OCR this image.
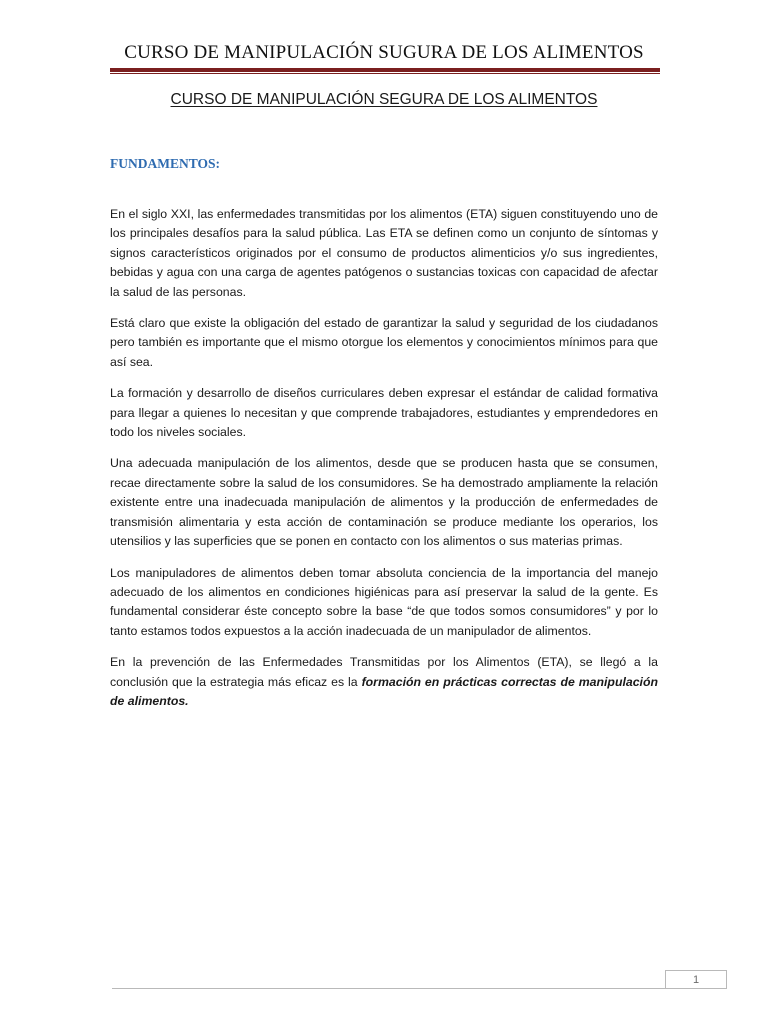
CURSO DE MANIPULACIÓN SUGURA DE LOS ALIMENTOS
CURSO DE MANIPULACIÓN SEGURA DE LOS ALIMENTOS
FUNDAMENTOS:

En el siglo XXI, las enfermedades transmitidas por los alimentos (ETA) siguen constituyendo uno de los principales desafíos para la salud pública. Las ETA se definen como un conjunto de síntomas y signos característicos originados por el consumo de productos alimenticios y/o sus ingredientes, bebidas y agua con una carga de agentes patógenos o sustancias toxicas con capacidad de afectar la salud de las personas.

Está claro que existe la obligación del estado de garantizar la salud y seguridad de los ciudadanos pero también es importante que el mismo otorgue los elementos y conocimientos mínimos para que así sea.

La formación y desarrollo de diseños curriculares deben expresar el estándar de calidad formativa para llegar a quienes lo necesitan y que comprende trabajadores, estudiantes y emprendedores en todo los niveles sociales.

Una adecuada manipulación de los alimentos, desde que se producen hasta que se consumen, recae directamente sobre la salud de los consumidores. Se ha demostrado ampliamente la relación existente entre una inadecuada manipulación de alimentos y la producción de enfermedades de transmisión alimentaria y esta acción de contaminación se produce mediante los operarios, los utensilios y las superficies que se ponen en contacto con los alimentos o sus materias primas.

Los manipuladores de alimentos deben tomar absoluta conciencia de la importancia del manejo adecuado de los alimentos en condiciones higiénicas para así preservar la salud de la gente. Es fundamental considerar éste concepto sobre la base “de que todos somos consumidores” y por lo tanto estamos todos expuestos a la acción inadecuada de un manipulador de alimentos.

En la prevención de las Enfermedades Transmitidas por los Alimentos (ETA), se llegó a la conclusión que la estrategia más eficaz es la formación en prácticas correctas de manipulación de alimentos.

1
